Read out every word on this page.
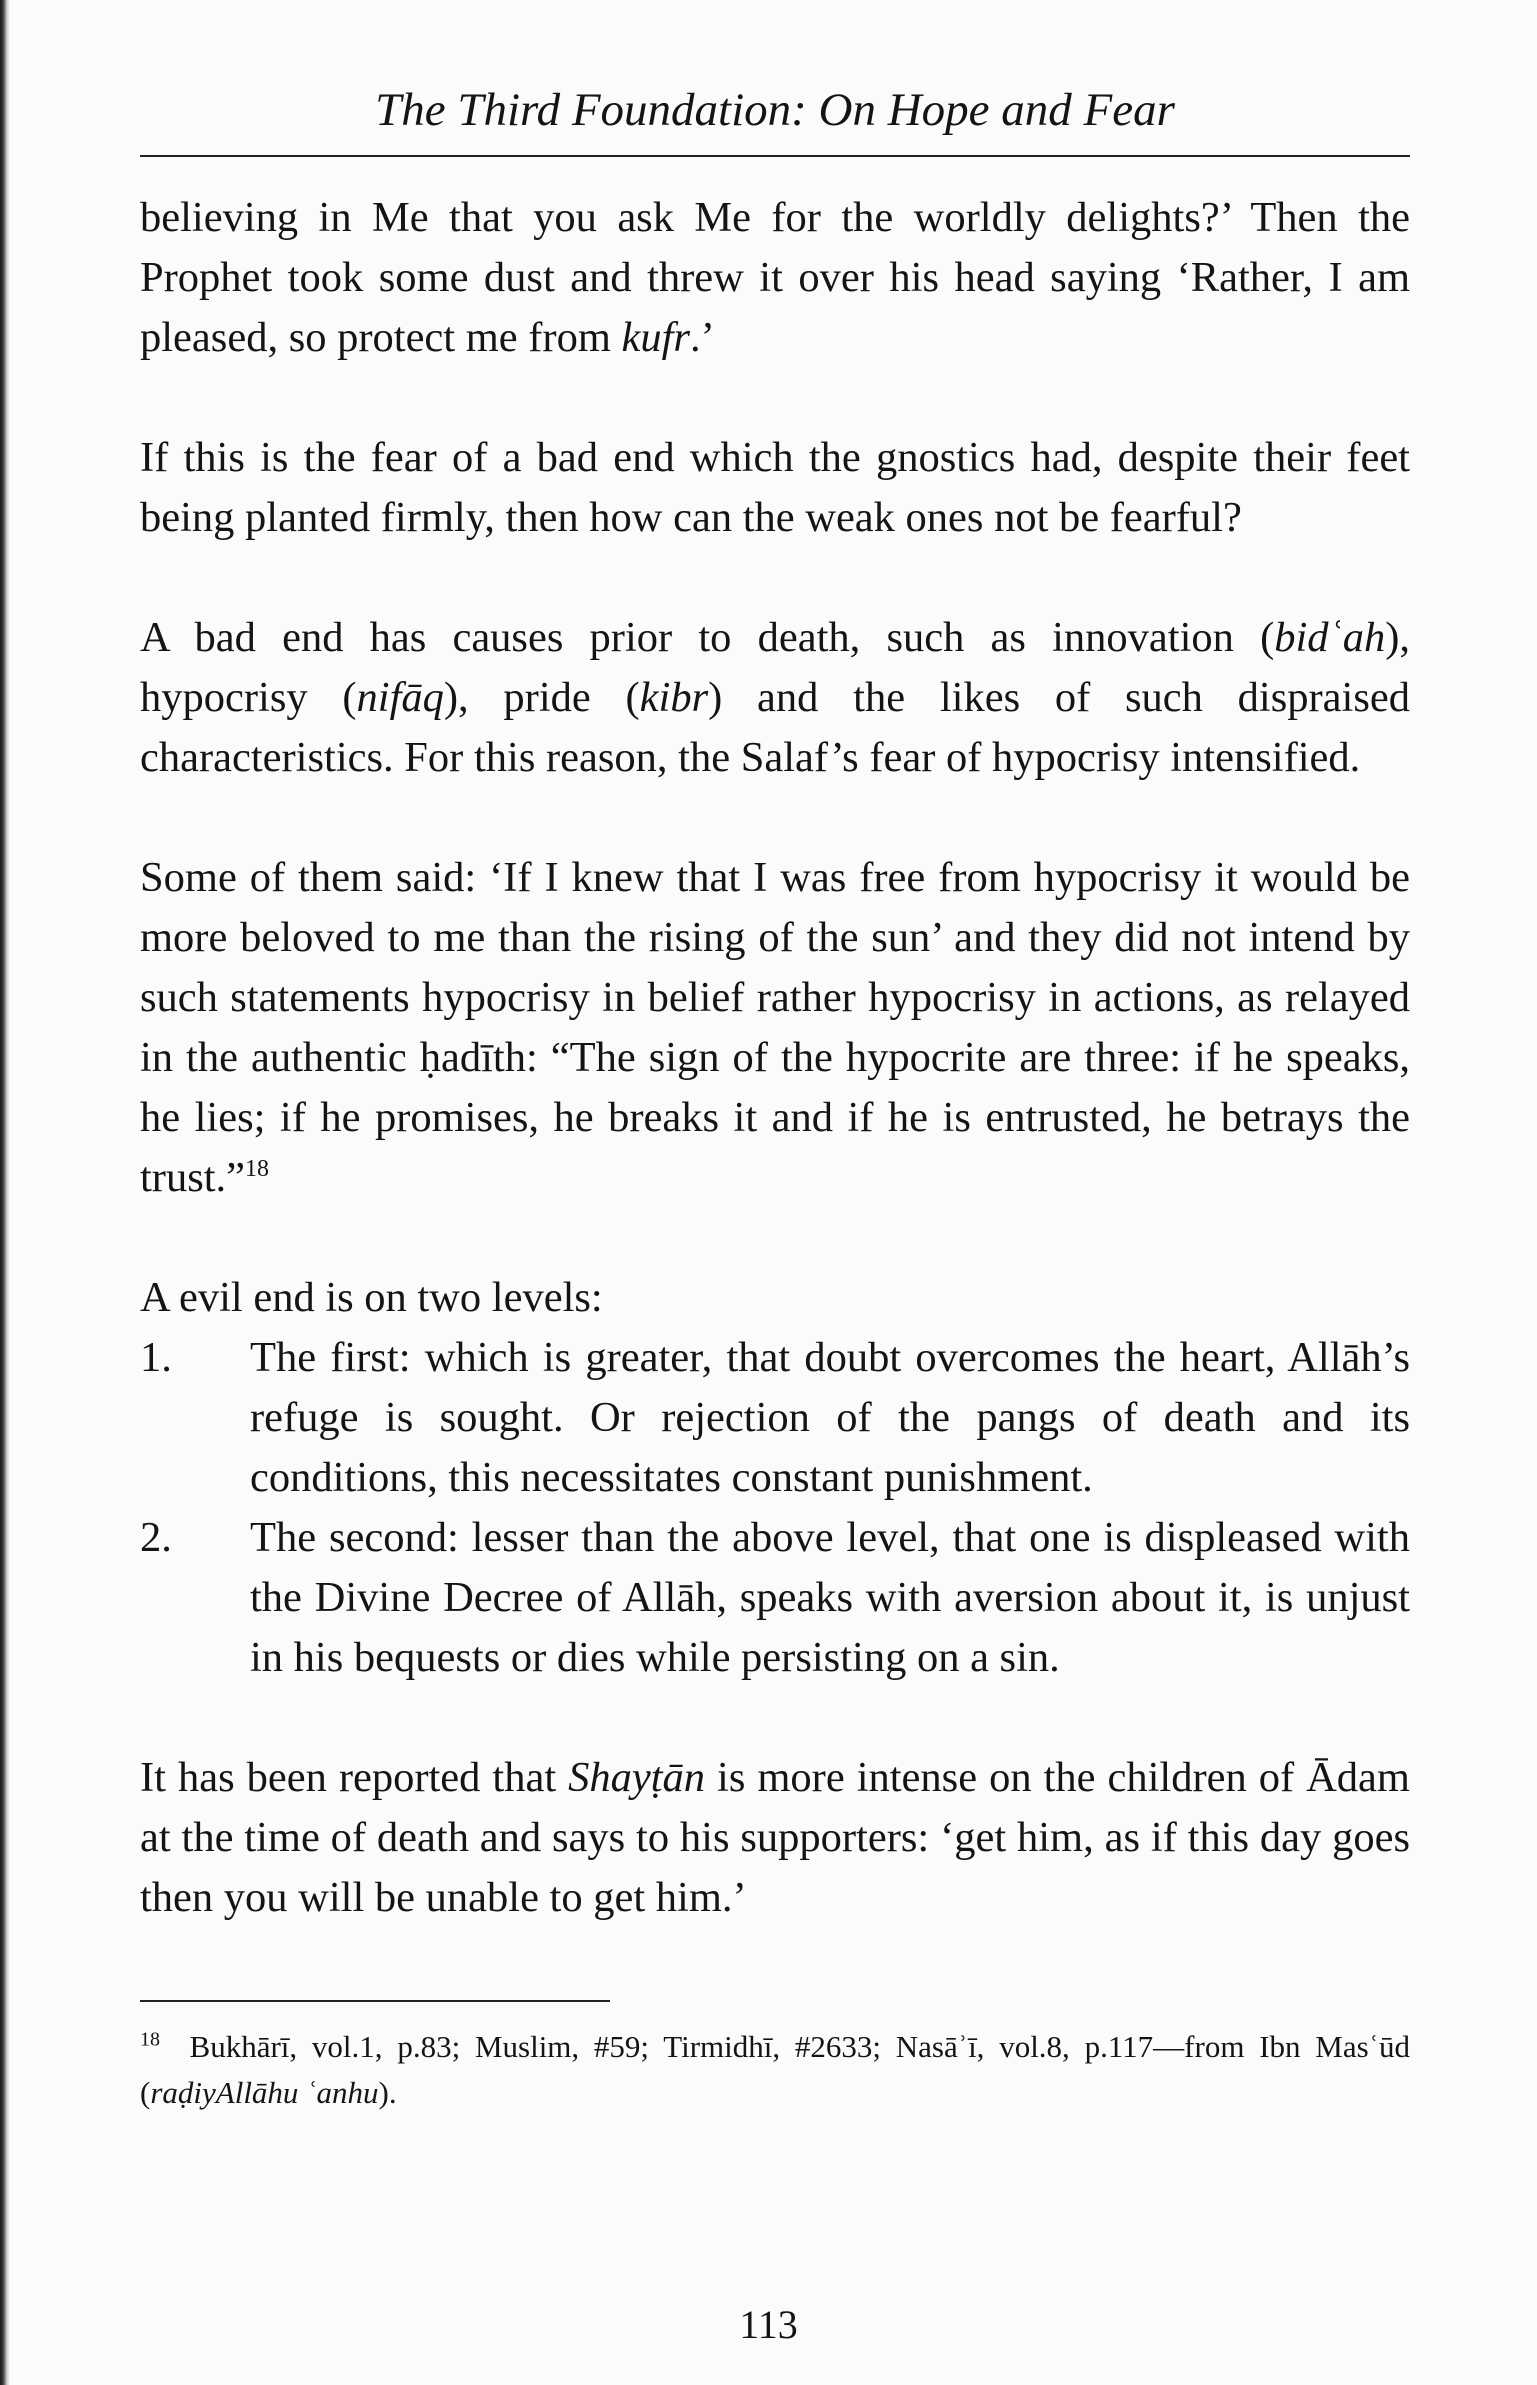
The Third Foundation: On Hope and Fear

believing in Me that you ask Me for the worldly delights?’ Then the Prophet took some dust and threw it over his head saying ‘Rather, I am pleased, so protect me from kufr.’

If this is the fear of a bad end which the gnostics had, despite their feet being planted firmly, then how can the weak ones not be fearful?

A bad end has causes prior to death, such as innovation (bidʿah), hypocrisy (nifāq), pride (kibr) and the likes of such dispraised characteristics. For this reason, the Salaf’s fear of hypocrisy intensified.

Some of them said: ‘If I knew that I was free from hypocrisy it would be more beloved to me than the rising of the sun’ and they did not intend by such statements hypocrisy in belief rather hypocrisy in actions, as relayed in the authentic ḥadīth: “The sign of the hypocrite are three: if he speaks, he lies; if he promises, he breaks it and if he is entrusted, he betrays the trust.”$^{18}$

A evil end is on two levels:

1.	The first: which is greater, that doubt overcomes the heart, Allāh’s refuge is sought. Or rejection of the pangs of death and its conditions, this necessitates constant punishment.
2.	The second: lesser than the above level, that one is displeased with the Divine Decree of Allāh, speaks with aversion about it, is unjust in his bequests or dies while persisting on a sin.

It has been reported that Shayṭān is more intense on the children of Ādam at the time of death and says to his supporters: ‘get him, as if this day goes then you will be unable to get him.’

$^{18}$ Bukhārī, vol.1, p.83; Muslim, #59; Tirmidhī, #2633; Nasāʾī, vol.8, p.117—from Ibn Masʿūd (raḍiyAllāhu ʿanhu).
113
